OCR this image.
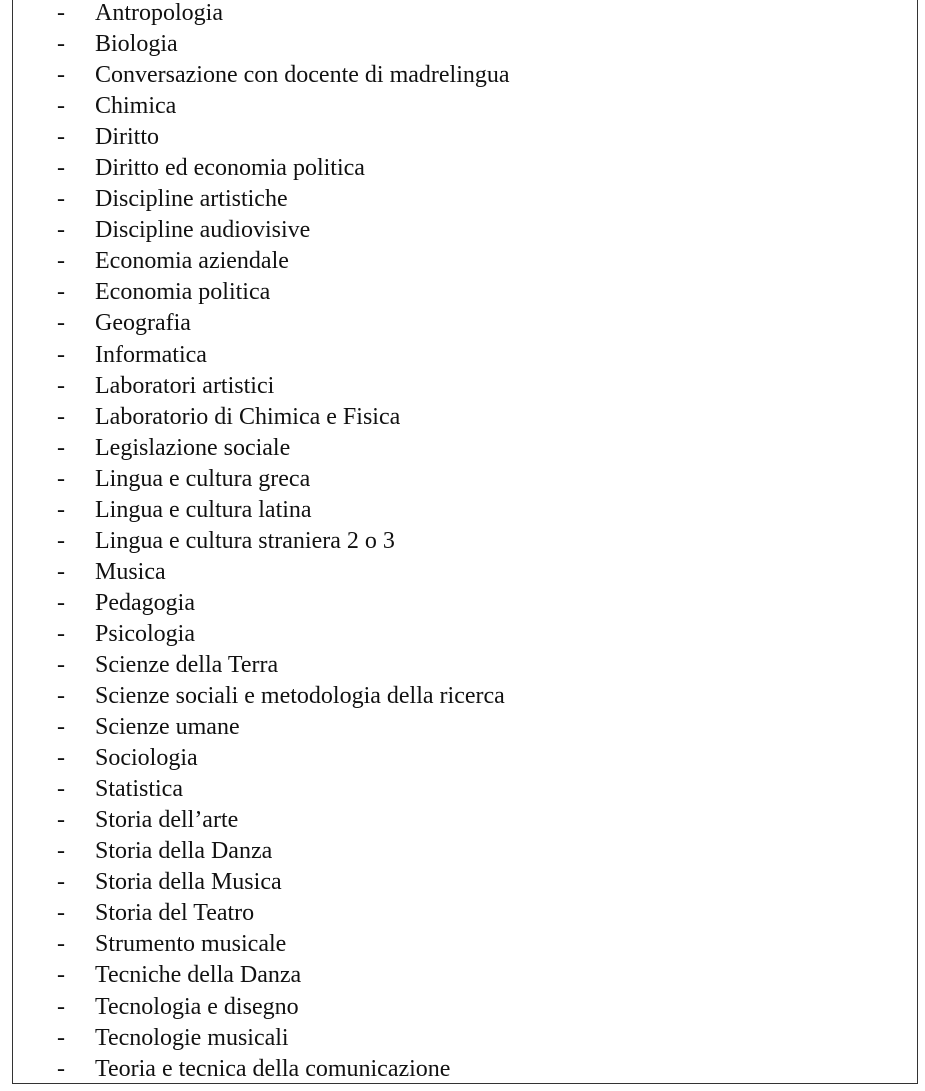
- Antropologia
- Biologia
- Conversazione con docente di madrelingua
- Chimica
- Diritto
- Diritto ed economia politica
- Discipline artistiche
- Discipline audiovisive
- Economia aziendale
- Economia politica
- Geografia
- Informatica
- Laboratori artistici
- Laboratorio di Chimica e Fisica
- Legislazione sociale
- Lingua e cultura greca
- Lingua e cultura latina
- Lingua e cultura straniera 2 o 3
- Musica
- Pedagogia
- Psicologia
- Scienze della Terra
- Scienze sociali e metodologia della ricerca
- Scienze umane
- Sociologia
- Statistica
- Storia dell’arte
- Storia della Danza
- Storia della Musica
- Storia del Teatro
- Strumento musicale
- Tecniche della Danza
- Tecnologia e disegno
- Tecnologie musicali
- Teoria e tecnica della comunicazione
